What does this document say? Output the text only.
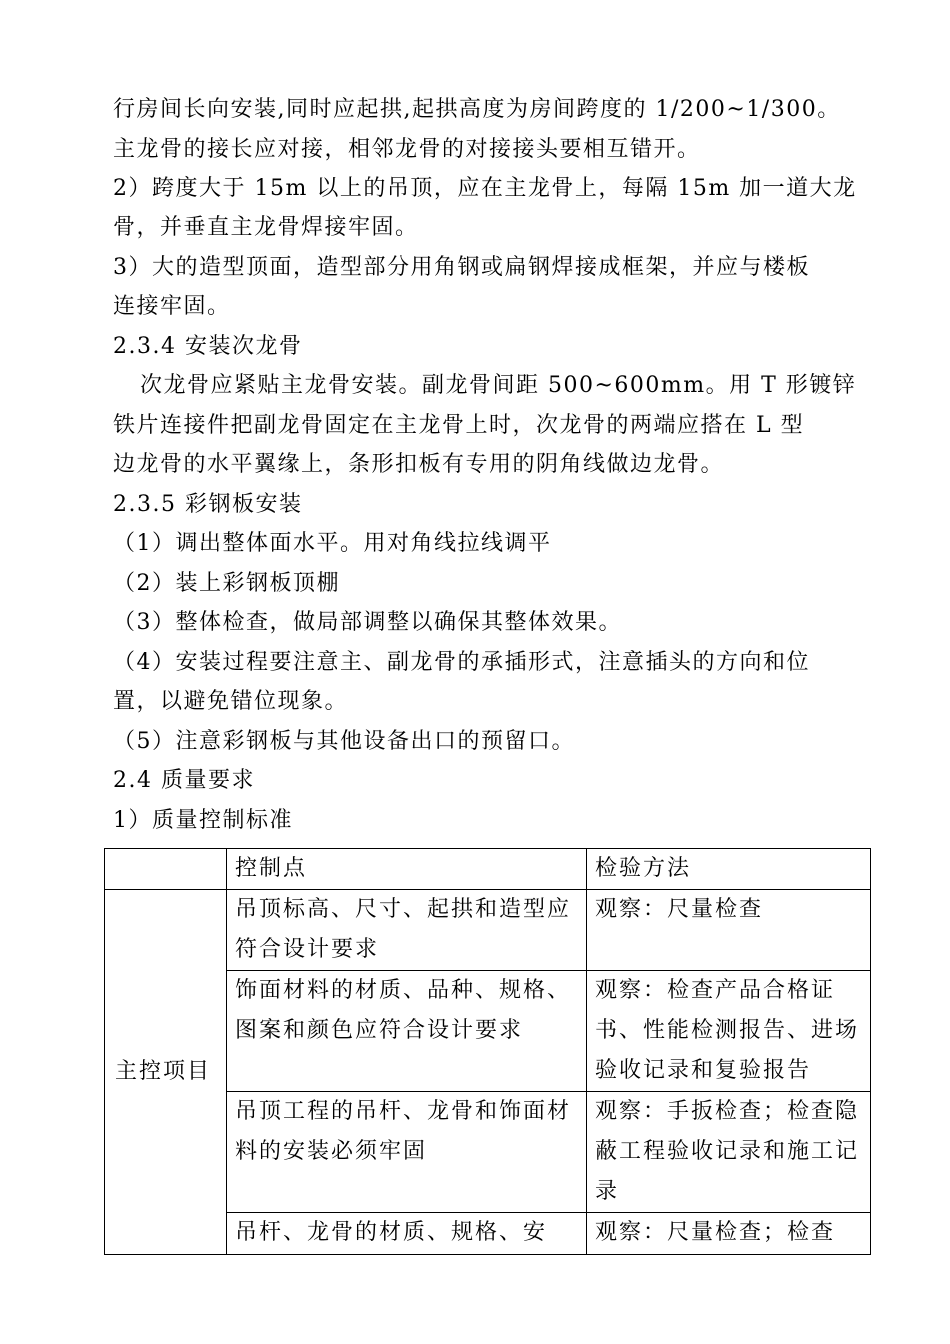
行房间长向安装,同时应起拱,起拱高度为房间跨度的 1/200~1/300。
主龙骨的接长应对接，相邻龙骨的对接接头要相互错开。
2）跨度大于 15m 以上的吊顶，应在主龙骨上，每隔 15m 加一道大龙
骨，并垂直主龙骨焊接牢固。
3）大的造型顶面，造型部分用角钢或扁钢焊接成框架，并应与楼板
连接牢固。
2.3.4 安装次龙骨
次龙骨应紧贴主龙骨安装。副龙骨间距 500~600mm。用 T 形镀锌
铁片连接件把副龙骨固定在主龙骨上时，次龙骨的两端应搭在 L 型
边龙骨的水平翼缘上，条形扣板有专用的阴角线做边龙骨。
2.3.5 彩钢板安装
（1）调出整体面水平。用对角线拉线调平
（2）装上彩钢板顶棚
（3）整体检查，做局部调整以确保其整体效果。
（4）安装过程要注意主、副龙骨的承插形式，注意插头的方向和位
置，以避免错位现象。
（5）注意彩钢板与其他设备出口的预留口。
2.4 质量要求
1）质量控制标准
	控制点	检验方法
主控项目	吊顶标高、尺寸、起拱和造型应符合设计要求	观察：尺量检查

	饰面材料的材质、品种、规格、图案和颜色应符合设计要求	观察：检查产品合格证书、性能检测报告、进场验收记录和复验报告

	吊顶工程的吊杆、龙骨和饰面材料的安装必须牢固	观察：手扳检查；检查隐蔽工程验收记录和施工记录

	吊杆、龙骨的材质、规格、安	观察：尺量检查；检查
